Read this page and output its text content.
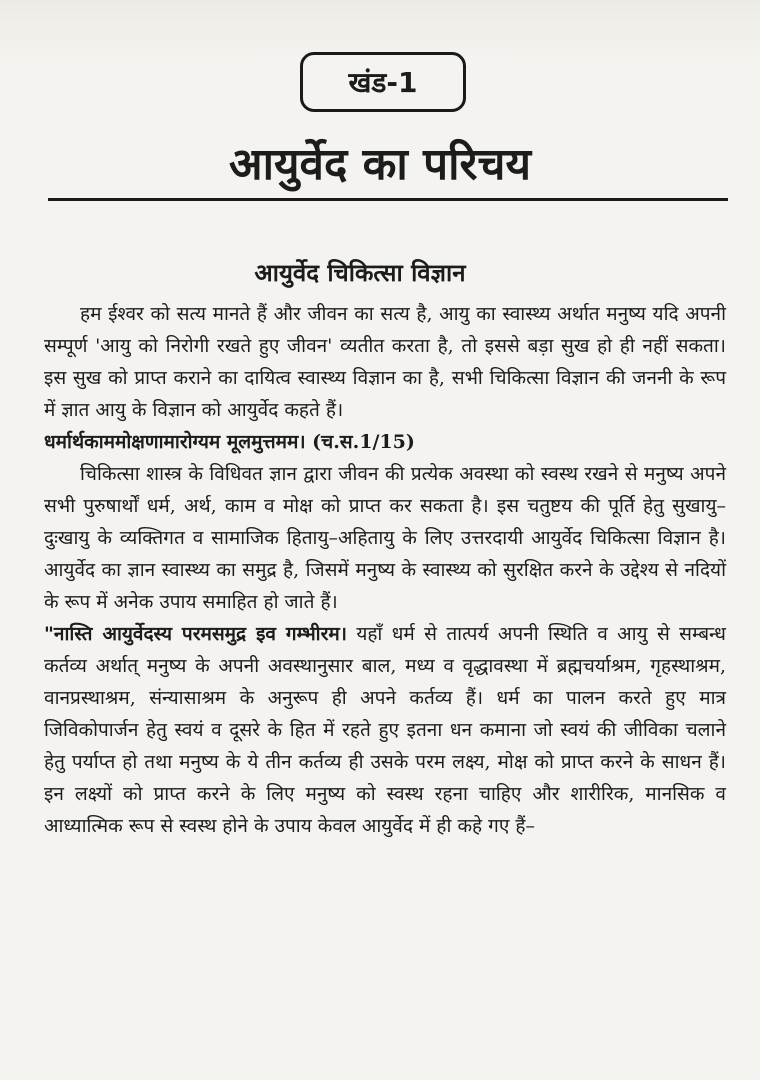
खंड-1
आयुर्वेद का परिचय
आयुर्वेद चिकित्सा विज्ञान

हम ईश्वर को सत्य मानते हैं और जीवन का सत्य है, आयु का स्वास्थ्य अर्थात मनुष्य यदि अपनी सम्पूर्ण 'आयु को निरोगी रखते हुए जीवन' व्यतीत करता है, तो इससे बड़ा सुख हो ही नहीं सकता। इस सुख को प्राप्त कराने का दायित्व स्वास्थ्य विज्ञान का है, सभी चिकित्सा विज्ञान की जननी के रूप में ज्ञात आयु के विज्ञान को आयुर्वेद कहते हैं।

धर्मार्थकाममोक्षणामारोग्यम मूलमुत्तमम। (च.स.1/15)

चिकित्सा शास्त्र के विधिवत ज्ञान द्वारा जीवन की प्रत्येक अवस्था को स्वस्थ रखने से मनुष्य अपने सभी पुरुषार्थों धर्म, अर्थ, काम व मोक्ष को प्राप्त कर सकता है। इस चतुष्टय की पूर्ति हेतु सुखायु–दुःखायु के व्यक्तिगत व सामाजिक हितायु–अहितायु के लिए उत्तरदायी आयुर्वेद चिकित्सा विज्ञान है। आयुर्वेद का ज्ञान स्वास्थ्य का समुद्र है, जिसमें मनुष्य के स्वास्थ्य को सुरक्षित करने के उद्देश्य से नदियों के रूप में अनेक उपाय समाहित हो जाते हैं।

"नास्ति आयुर्वेदस्य परमसमुद्र इव गम्भीरम। यहाँ धर्म से तात्पर्य अपनी स्थिति व आयु से सम्बन्ध कर्तव्य अर्थात् मनुष्य के अपनी अवस्थानुसार बाल, मध्य व वृद्धावस्था में ब्रह्मचर्याश्रम, गृहस्थाश्रम, वानप्रस्थाश्रम, संन्यासाश्रम के अनुरूप ही अपने कर्तव्य हैं। धर्म का पालन करते हुए मात्र जिविकोपार्जन हेतु स्वयं व दूसरे के हित में रहते हुए इतना धन कमाना जो स्वयं की जीविका चलाने हेतु पर्याप्त हो तथा मनुष्य के ये तीन कर्तव्य ही उसके परम लक्ष्य, मोक्ष को प्राप्त करने के साधन हैं। इन लक्ष्यों को प्राप्त करने के लिए मनुष्य को स्वस्थ रहना चाहिए और शारीरिक, मानसिक व आध्यात्मिक रूप से स्वस्थ होने के उपाय केवल आयुर्वेद में ही कहे गए हैं–
